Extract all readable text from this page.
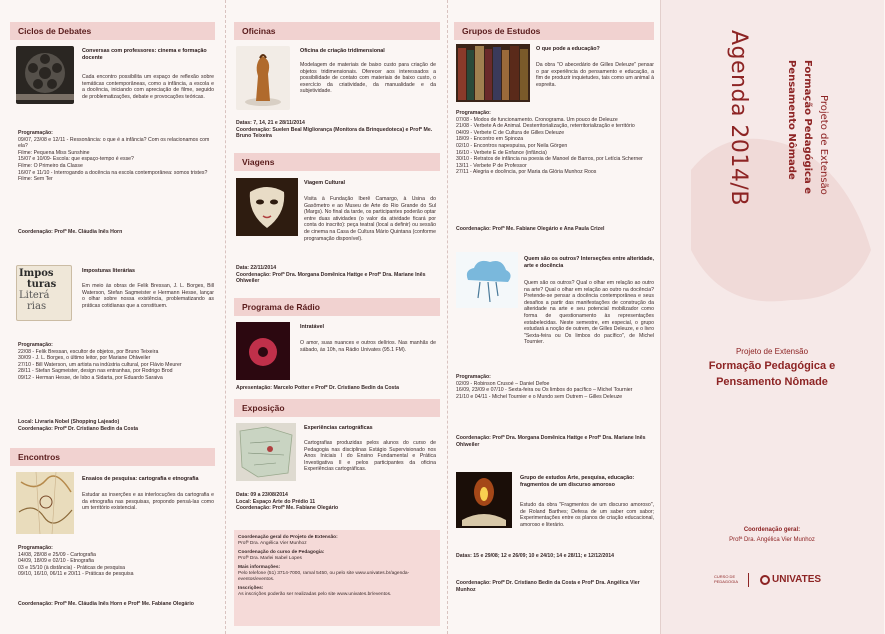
Ciclos de Debates
Conversas com professores: cinema e formação docente
Cada encontro possibilita um espaço de reflexão sobre temáticas contemporâneas, como a infância, a escola e a docência, iniciando com apreciação de filme, seguido de problematizações, debate e provocações teóricas.
Programação:
09/07, 23/08 e 12/11 - Ressonância: o que é a infância? Com os relacionamos com ela?
Filme: Pequena Miss Sunshine
15/07 e 10/09- Escola: que espaço-tempo é esse?
Filme: O Primeiro da Classe
16/07 e 11/10 - Interrogando a docência na escola contemporânea: somos tristes?
Filme: Sem Ter
Coordenação: Profª Me. Cláudia Inês Horn
Impos
turas
Literá
rias
Imposturas literárias
Em meio às obras de Felik Bressan, J. L. Borges, Bill Waterson, Stefan Sagmeister e Hermann Hesse, lançar o olhar sobre nossa existência, problematizando as práticas cotidianas que a constituem.
Programação:
22/08 - Felik Bressan, escultor de objetos, por Bruno Teixeira
30/09 - J. L. Borges, o último leitor, por Mariane Ohlweiler
27/10 - Bill Waterson, um artista na indústria cultural, por Flávio Meurer
28/11 - Stefan Sagmeister, design nas entranhas, por Rodrigo Brod
09/12 - Herman Hesse, de Isbo a Sidarta, por Eduardo Saraiva
Local: Livraria Nobel (Shopping Lajeado)
Coordenação: Profº Dr. Cristiano Bedin da Costa
Encontros
Ensaios de pesquisa: cartografia e etnografia
Estudar as inserções e as interlocuções da cartografia e da etnografia nas pesquisas, propondo pensá-las como um território existencial.
Programação:
14/08, 28/08 e 25/09 - Cartografia
04/09, 18/09 e 02/10 - Etnografia
03 e 15/10 (à distância) - Práticas de pesquisa
09/10, 16/10, 06/11 e 20/11 - Práticas de pesquisa
Coordenação: Profª Me. Cláudia Inês Horn e Profª Me. Fabiane Olegário
Oficinas
Oficina de criação tridimensional
Modelagem de materiais de baixo custo para criação de objetos tridimensionais. Oferecer aos interessados a possibilidade de contato com materiais de baixo custo, o exercício da criatividade, da manualidade e da subjetividade.
Datas: 7, 14, 21 e 28/11/2014
Coordenação: Suelen Beal Migliorança (Monitora da Brinquedoteca) e Profº Me. Bruno Teixeira
Viagens
Viagem Cultural
Visita à Fundação Iberê Camargo, à Usina do Gasômetro e ao Museu de Arte do Rio Grande do Sul (Margs). No final da tarde, os participantes poderão optar entre duas atividades (o valor da atividade ficará por conta do inscrito): peça teatral (local a definir) ou sessão de cinema na Casa de Cultura Mário Quintana (conforme programação disponível).
Data: 22/11/2014
Coordenação: Profª Dra. Morgana Domênica Hattge e Profª Dra. Mariane Inês Ohlweiler
Programa de Rádio
Intratável
O amor, suas nuances e outros delírios. Nas manhãs de sábado, às 10h, na Rádio Univates (95.1 FM).
Apresentação: Marcelo Potter e Profº Dr. Cristiano Bedin da Costa
Exposição
Experiências cartográficas
Cartografias produzidas pelos alunos do curso de Pedagogia nas disciplinas Estágio Supervisionado nos Anos Iniciais I do Ensino Fundamental e Prática Investigativa II e pelos participantes da oficina Experiências cartográficas.
Data: 09 a 23/08/2014
Local: Espaço Arte do Prédio 11
Coordenação: Profª Me. Fabiane Olegário
Coordenação geral do Projeto de Extensão:
Profª Dra. Angélica Vier Munhoz
Coordenação do curso de Pedagogia:
Profª Dra. Marlei Isabel Lopes
Mais informações:
Pelo telefone (51) 3714-7000, ramal 5450, ou pelo site www.univates.br/agenda-eventos/eventos.
Inscrições:
As inscrições poderão ser realizadas pelo site www.univates.br/eventos.
Grupos de Estudos
O que pode a educação?
Da obra "O abecedário de Gilles Deleuze" pensar o par experiência do pensamento e educação, a fim de produzir inquietudes, tais como um animal à espreita.
Programação:
07/08 - Modos de funcionamento. Cronograma. Um pouco de Deleuze
21/08 - Verbete A de Animal. Desterritorialização, reterritorialização e território
04/09 - Verbete C de Cultura de Gilles Deleuze
18/09 - Encontro em Spinoza
02/10 - Encontros napespuisa, por Neila Görgen
16/10 - Verbete E de Enfance (infância)
30/10 - Retratos de infância na poesia de Manoel de Barros, por Letícia Scherner
13/11 - Verbete P de Professor
27/11 - Alegria e docência, por Maria da Glória Munhoz Roos
Coordenação: Profª Me. Fabiane Olegário e Ana Paula Crizel
Quem são os outros? Interseções entre alteridade, arte e docência
Quem são os outros? Qual o olhar em relação ao outro na arte? Qual o olhar em relação ao outro na docência? Pretende-se pensar a docência contemporânea e seus desafios a partir das manifestações de construção da alteridade na arte e seu potencial mobilizador como forma de questionamento às representações estabelecidas. Neste semestre, em especial, o grupo estudará a noção de outrem, de Gilles Deleuze, e o livro "Sexta-feira ou Os limbos do pacífico", de Michel Tournier.
Programação:
02/09 - Robinson Crusoé – Daniel Defoe
16/09, 23/09 e 07/10 - Sexta-feira ou Os limbos do pacífico – Michel Tournier
21/10 e 04/11 - Michel Tournier e o Mundo sem Outrem – Gilles Deleuze
Coordenação: Profª Dra. Morgana Domênica Hattge e Profª Dra. Mariane Inês Ohlweiler
Grupo de estudos Arte, pesquisa, educação: fragmentos de um discurso amoroso
Estudo da obra "Fragmentos de um discurso amoroso", de Roland Barthes; Defesa de um saber com sabor; Experimentações entre os planos de criação educacional, amoroso e literário.
Datas: 15 e 29/08; 12 e 26/09; 10 e 24/10; 14 e 28/11; e 12/12/2014
Coordenação: Profº Dr. Cristiano Bedin da Costa e Profª Dra. Angélica Vier Munhoz
Agenda 2014/B	Projeto de Extensão
Formação Pedagógica e
Pensamento Nômade
Projeto de Extensão
Formação Pedagógica e
Pensamento Nômade
Coordenação geral:
Profª Dra. Angélica Vier Munhoz
CURSO DE PEDAGOGIA	UNIVATES
